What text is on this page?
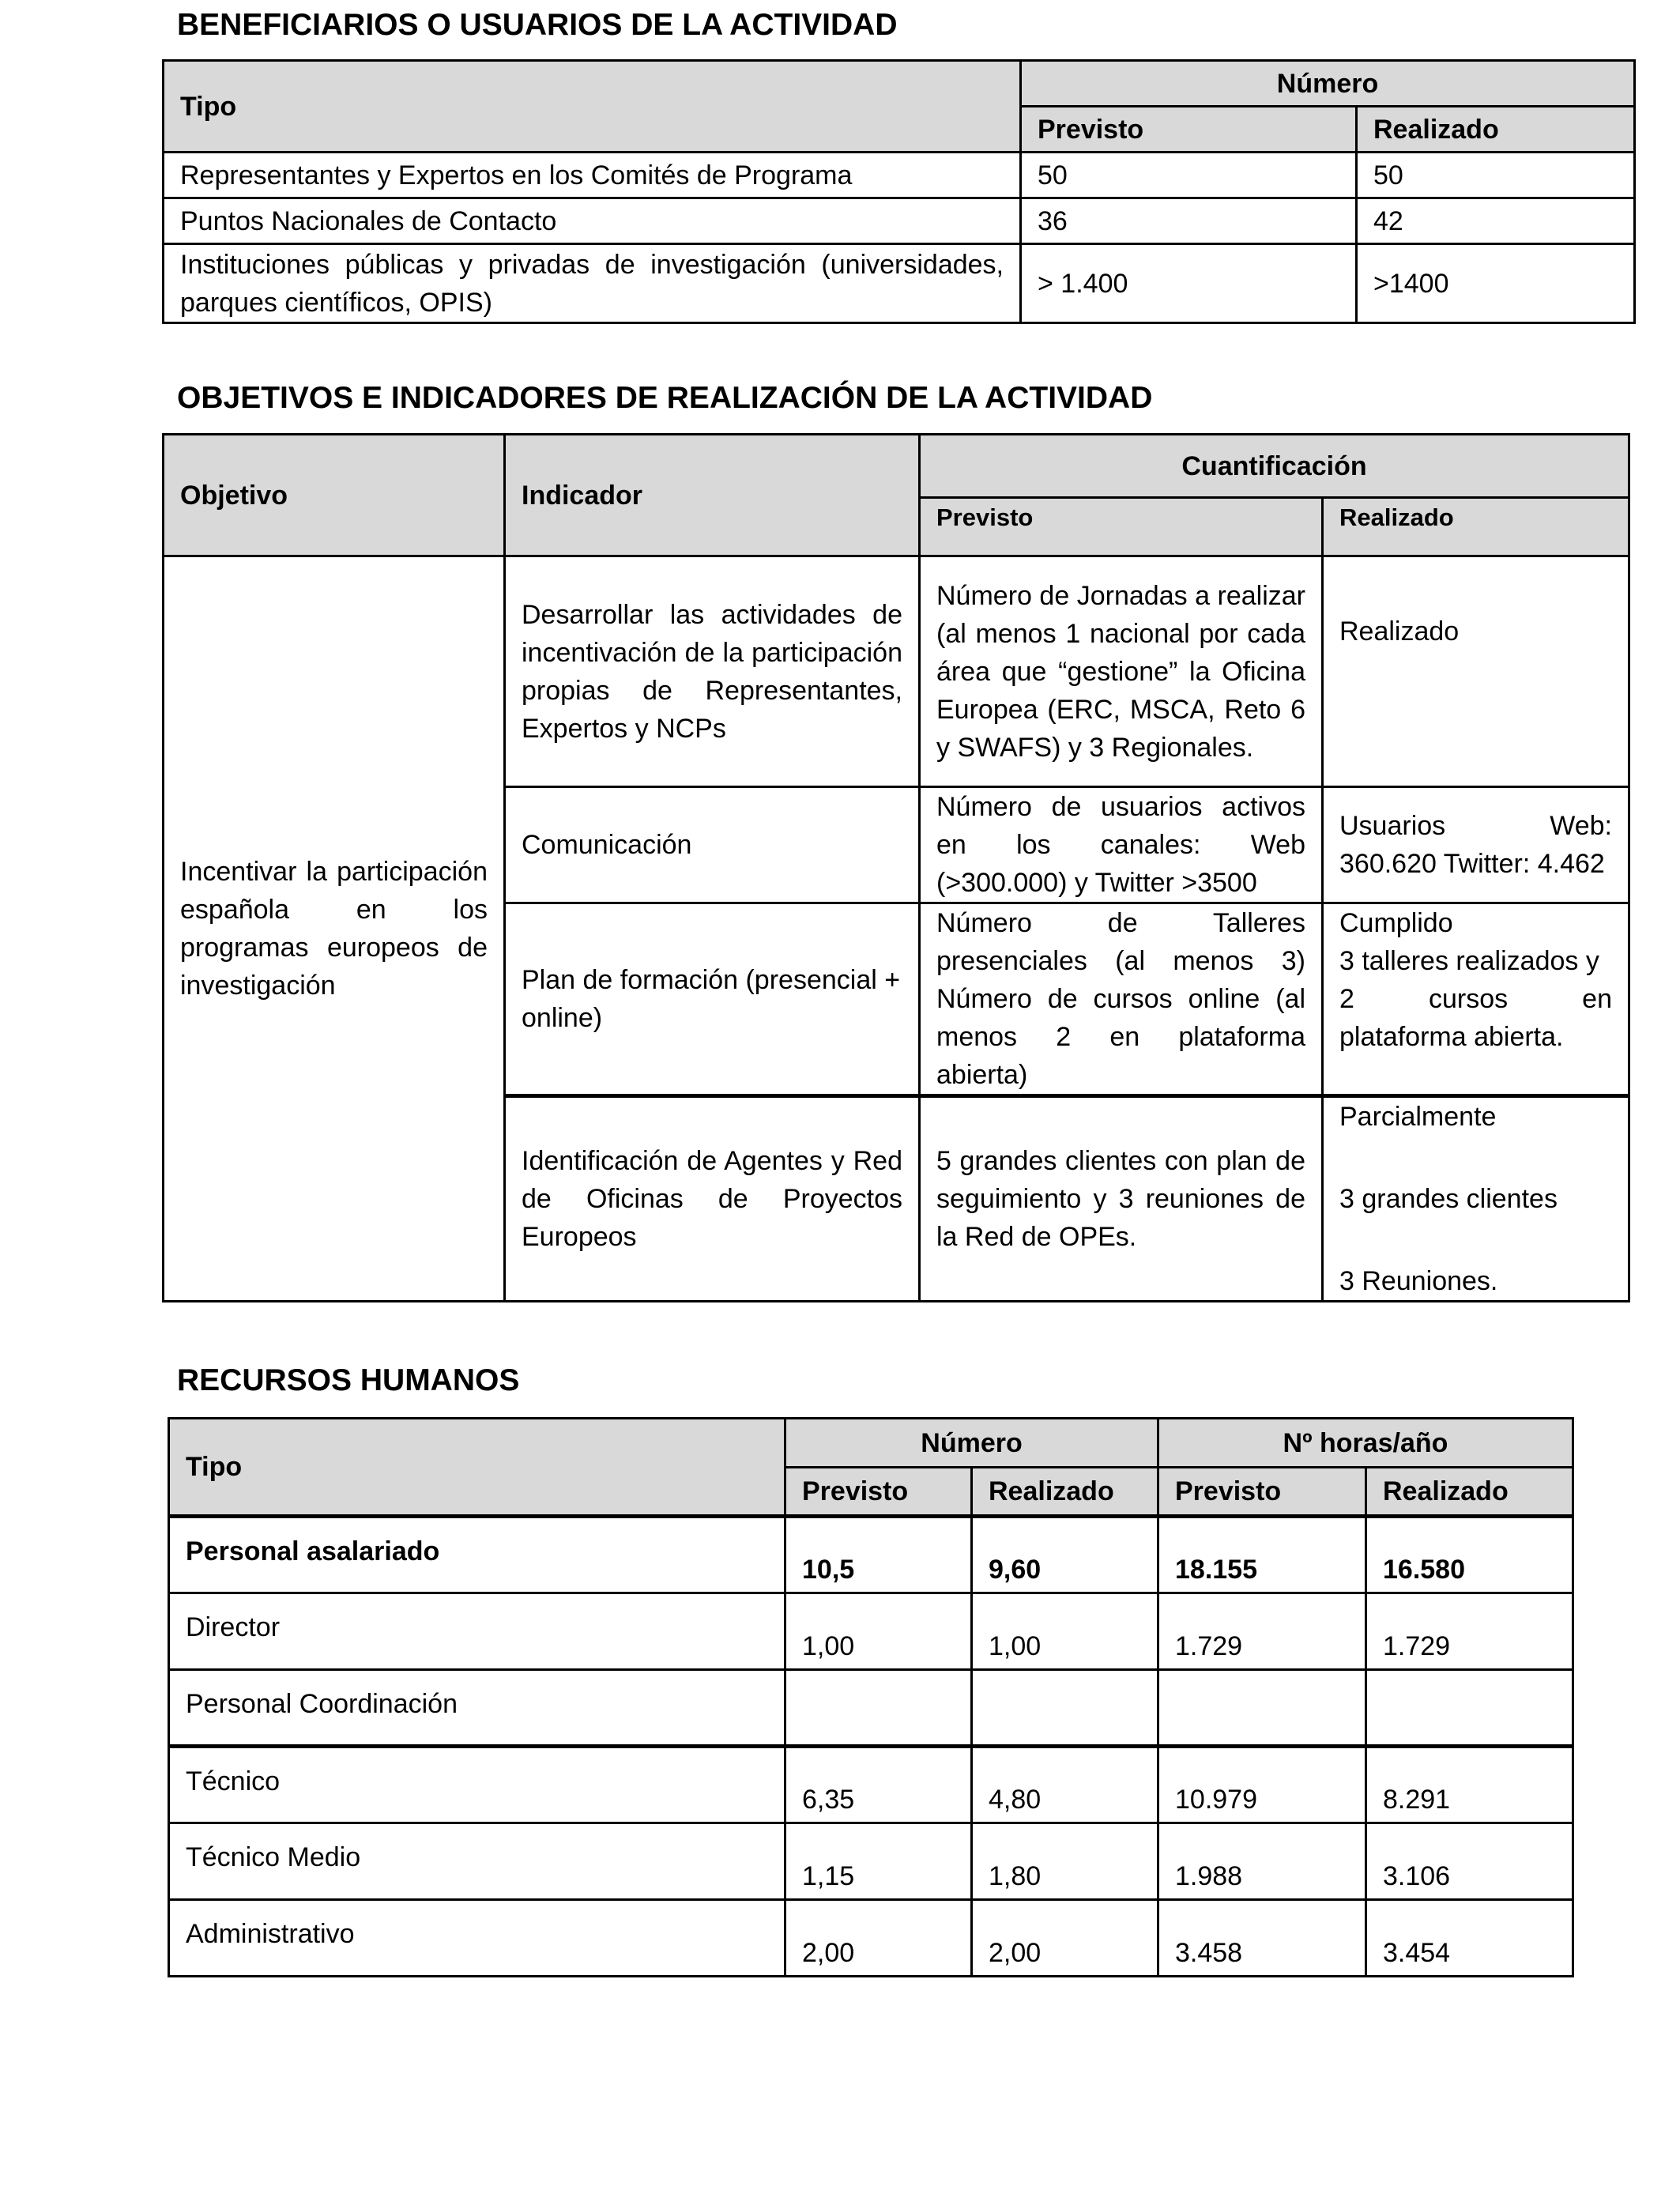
BENEFICIARIOS O USUARIOS DE LA ACTIVIDAD
Tipo	Número	
	Previsto	Realizado
Representantes y Expertos en los Comités de Programa	50	50
Puntos Nacionales de Contacto	36	42
Instituciones públicas y privadas de investigación (universidades, parques científicos, OPIS)	> 1.400	>1400
OBJETIVOS E INDICADORES DE REALIZACIÓN DE LA ACTIVIDAD
Objetivo	Indicador	Cuantificación	
		Previsto	Realizado
Incentivar la participación española en los programas europeos de investigación	Desarrollar las actividades de incentivación de la participación propias de Representantes, Expertos y NCPs	Número de Jornadas a realizar (al menos 1 nacional por cada área que “gestione” la Oficina Europea (ERC, MSCA, Reto 6 y SWAFS) y 3 Regionales.	Realizado
	Comunicación	Número de usuarios activos en los canales: Web (>300.000) y Twitter >3500	Usuarios Web: 360.620 Twitter: 4.462
	Plan de formación (presencial + online)	Número de Talleres presenciales (al menos 3) Número de cursos online (al menos 2 en plataforma abierta)	Cumplido
3 talleres realizados y
2 cursos en plataforma abierta.

	Identificación de Agentes y Red de Oficinas de Proyectos Europeos	5 grandes clientes con plan de seguimiento y 3 reuniones de la Red de OPEs.	Parcialmente
3 grandes clientes
3 Reuniones.
RECURSOS HUMANOS
Tipo	Número		Nº horas/año	
	Previsto	Realizado	Previsto	Realizado
Personal asalariado	10,5	9,60	18.155	16.580
Director	1,00	1,00	1.729	1.729
Personal Coordinación				
Técnico	6,35	4,80	10.979	8.291
Técnico Medio	1,15	1,80	1.988	3.106
Administrativo	2,00	2,00	3.458	3.454
